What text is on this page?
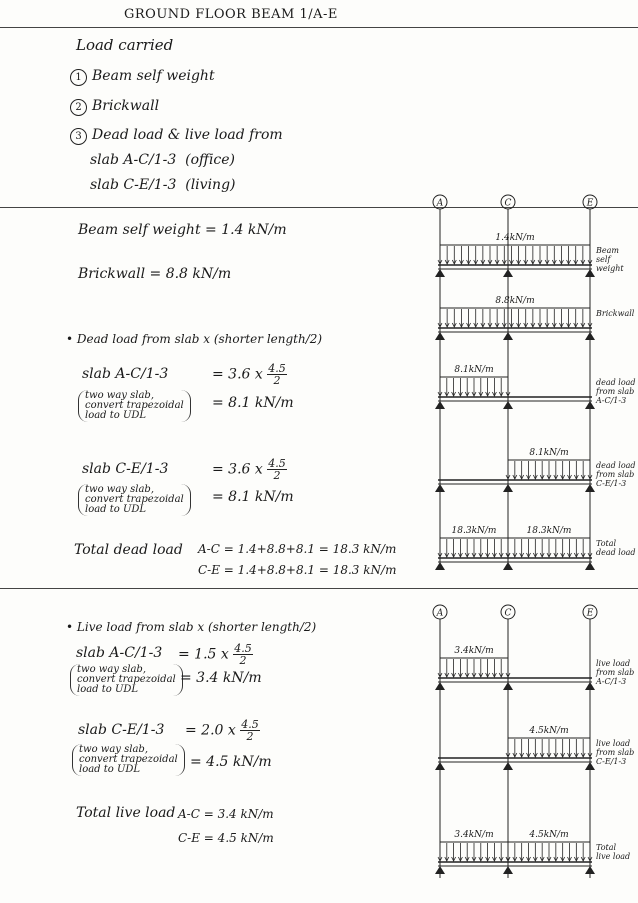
GROUND FLOOR BEAM 1/A-E
Load carried
1 Beam self weight
2 Brickwall
3 Dead load & live load from
slab A-C/1-3  (office)
slab C-E/1-3  (living)
Beam self weight = 1.4 kN/m
Brickwall = 8.8 kN/m
• Dead load from slab x (shorter length/2)
slab A-C/1-3	= 3.6 x $\frac{4.5}{2}$
two way slab,
convert trapezoidal
load to UDL
= 8.1 kN/m
slab C-E/1-3	= 3.6 x $\frac{4.5}{2}$
two way slab,
convert trapezoidal
load to UDL
= 8.1 kN/m
Total dead load A-C = 1.4+8.8+8.1 = 18.3 kN/m
C-E = 1.4+8.8+8.1 = 18.3 kN/m
• Live load from slab x (shorter length/2)
slab A-C/1-3 = 1.5 x $\frac{4.5}{2}$
two way slab,
convert trapezoidal
load to UDL
= 3.4 kN/m
slab C-E/1-3 = 2.0 x $\frac{4.5}{2}$
two way slab,
convert trapezoidal
load to UDL	= 4.5 kN/m
Total live load A-C = 3.4 kN/m
C-E = 4.5 kN/m
A	C	E
1.4kN/m
Beam
self
weight
8.8kN/m
Brickwall
8.1kN/m
dead load
from slab
A-C/1-3
8.1kN/m
dead load
from slab
C-E/1-3
18.3kN/m	18.3kN/m
Total
dead load
A	C	E
3.4kN/m
live load
from slab
A-C/1-3
4.5kN/m
live load
from slab
C-E/1-3
3.4kN/m	4.5kN/m
Total
live load
